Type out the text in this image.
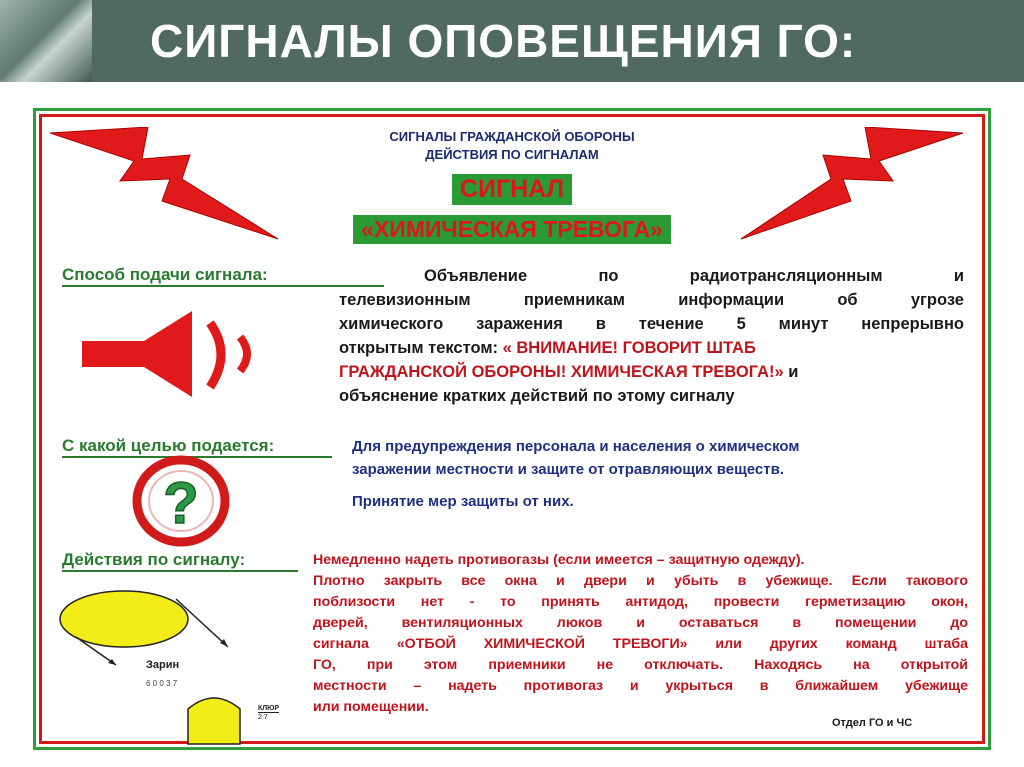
СИГНАЛЫ ОПОВЕЩЕНИЯ ГО:
СИГНАЛЫ ГРАЖДАНСКОЙ ОБОРОНЫ
ДЕЙСТВИЯ ПО СИГНАЛАМ
СИГНАЛ
«ХИМИЧЕСКАЯ ТРЕВОГА»
Способ подачи сигнала:	Объявление по радиотрансляционным и
телевизионным приемникам информации об угрозе
химического заражения в течение 5 минут непрерывно
открытым текстом: « ВНИМАНИЕ! ГОВОРИТ ШТАБ
ГРАЖДАНСКОЙ ОБОРОНЫ! ХИМИЧЕСКАЯ ТРЕВОГА!» и
объяснение кратких действий по этому сигналу
С какой целью подается:	Для предупреждения персонала и населения о химическом
заражении местности и защите от отравляющих веществ.
Принятие мер защиты от них.
?
Действия по сигналу:	Немедленно надеть противогазы (если имеется – защитную одежду).
Плотно закрыть все окна и двери и убыть в убежище. Если такового
поблизости нет - то принять антидод, провести герметизацию окон,
дверей, вентиляционных люков и оставаться в помещении до
сигнала «ОТБОЙ ХИМИЧЕСКОЙ ТРЕВОГИ» или других команд штаба
ГО, при этом приемники не отключать. Находясь на открытой
местности – надеть противогаз и укрыться в ближайшем убежище
или помещении.
Зарин
6 0 0 3 7
КЛЮР
2 7	Отдел ГО и ЧС
